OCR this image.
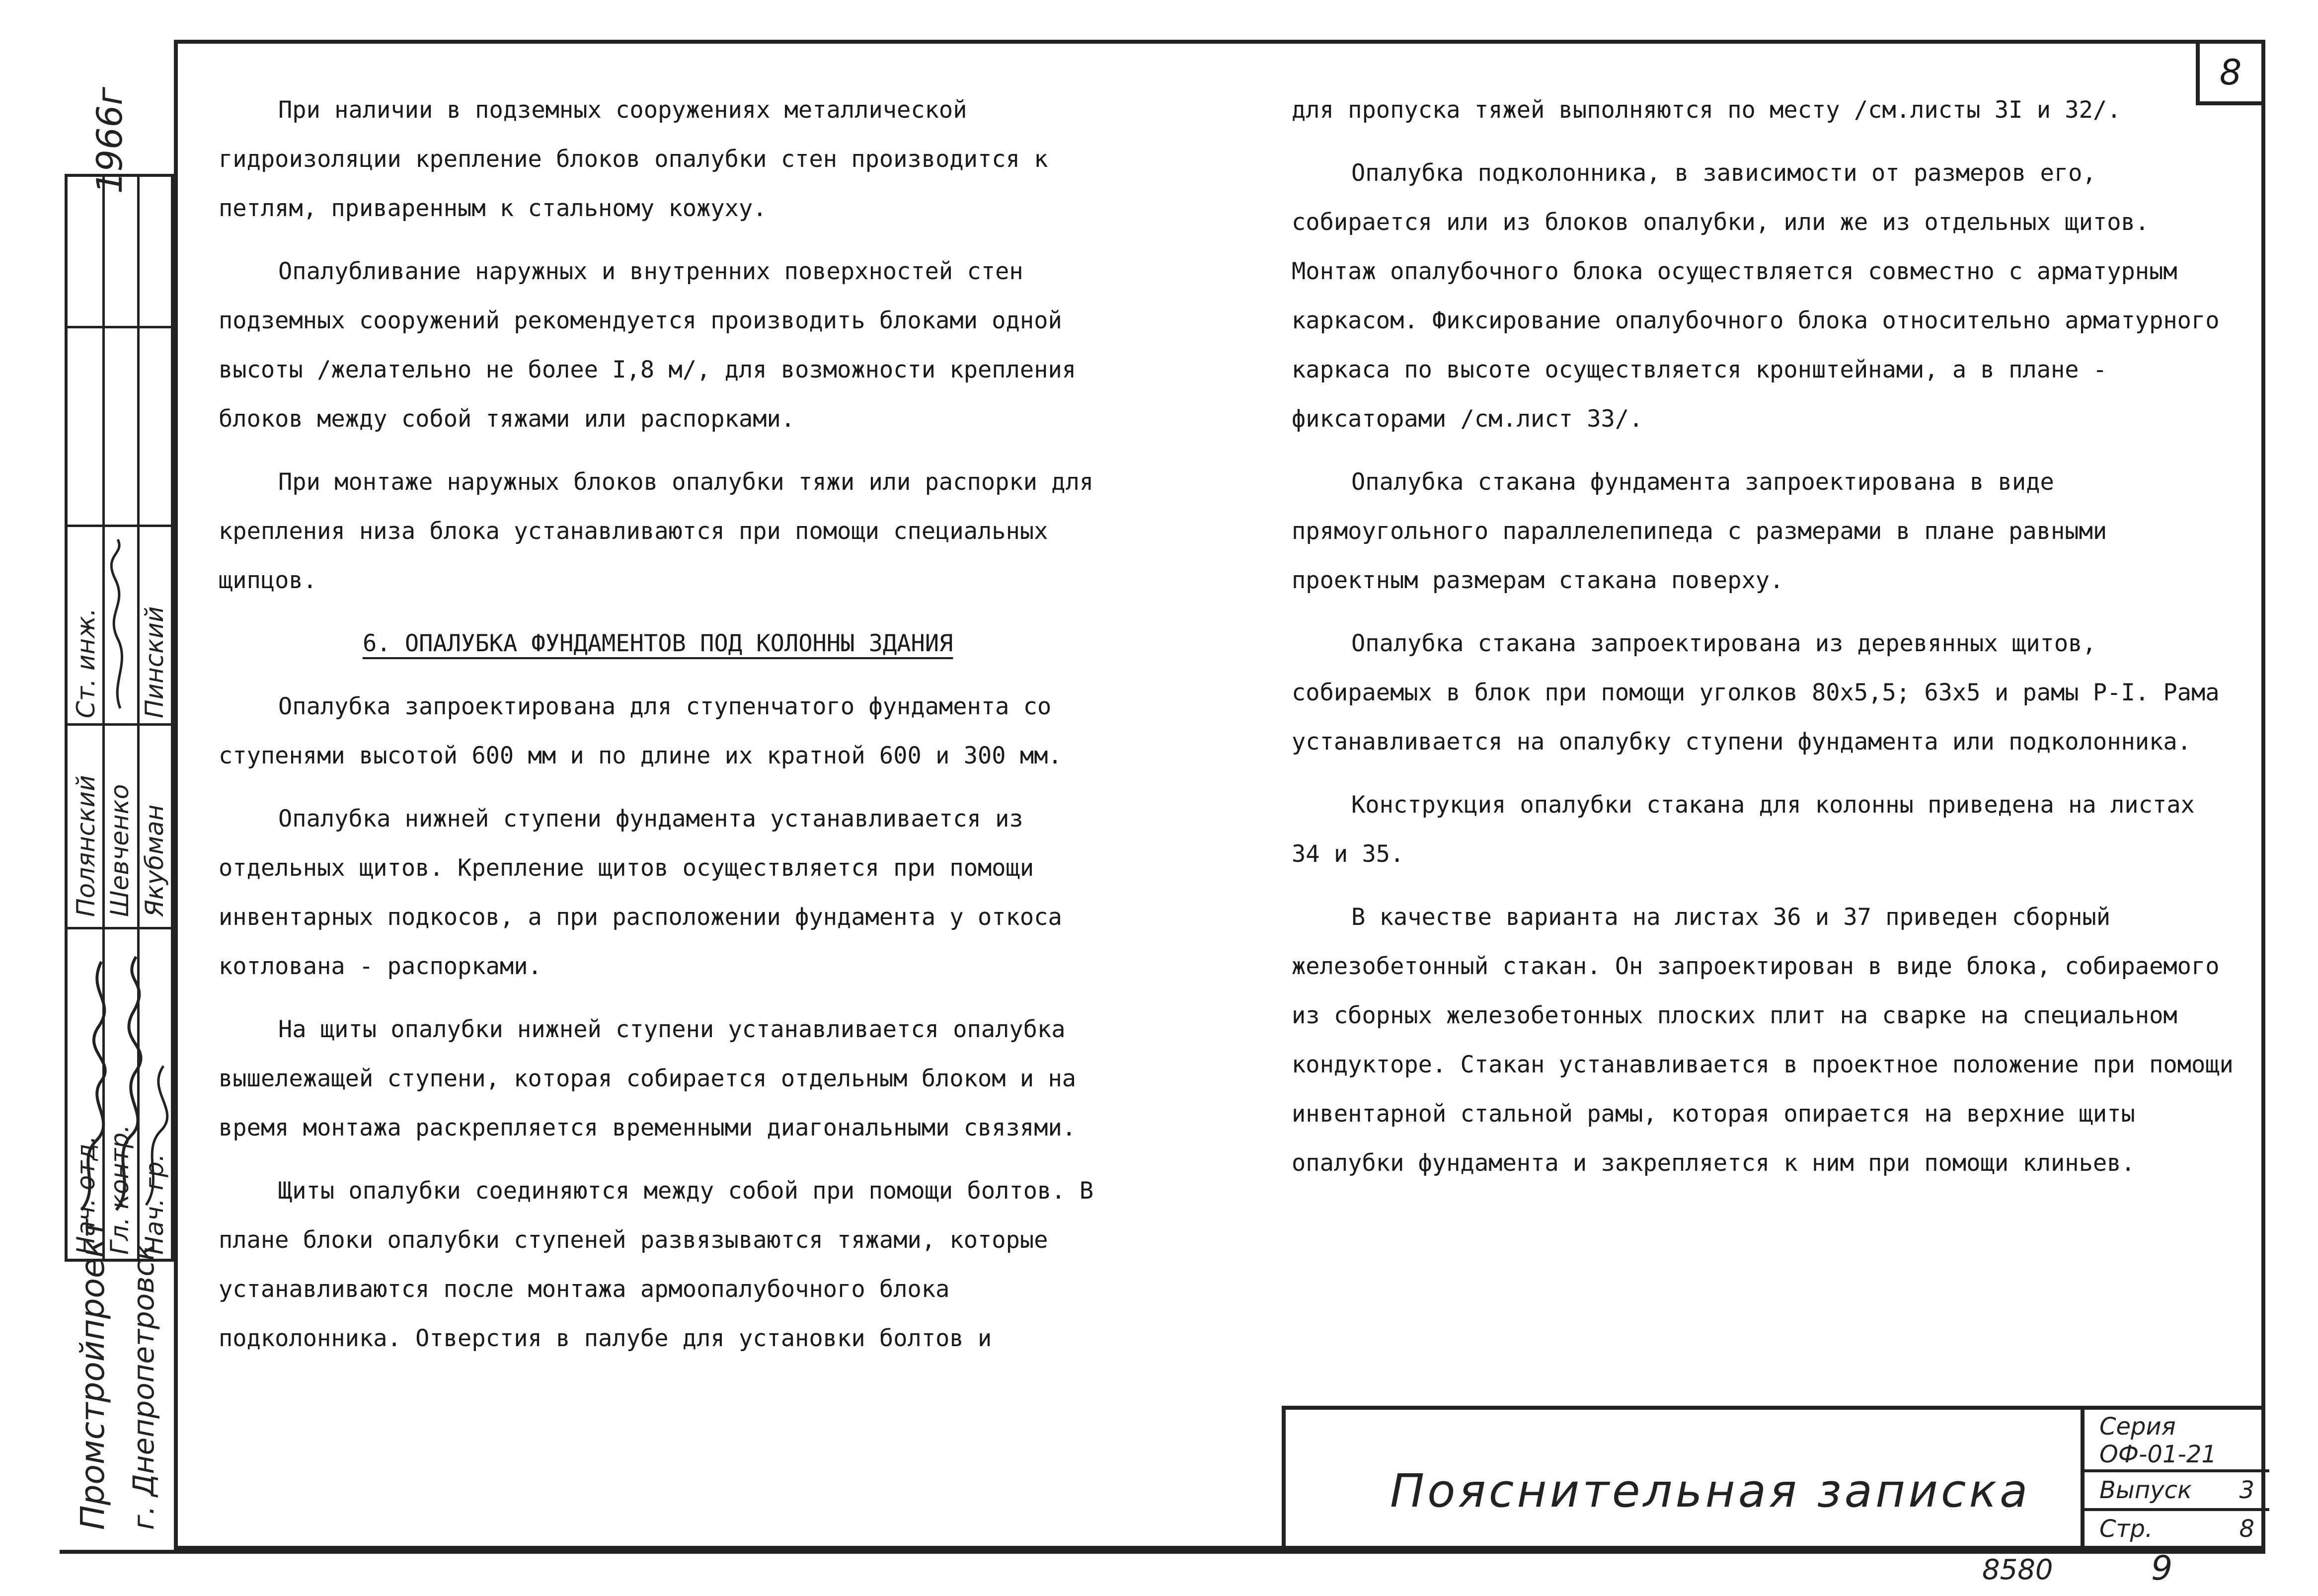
1966г
Промстройпроект г. Днепропетровск
Нач. отд. Гл. контр. Нач. гр.
Ст. инж.
Полянский Шевченко Якубман
Пинский
8

При наличии в подземных сооружениях металлической гидроизоляции крепление блоков опалубки стен производится к петлям, приваренным к стальному кожуху.

Опалубливание наружных и внутренних поверхностей стен подземных сооружений рекомендуется производить блоками одной высоты /желательно не более I,8 м/, для возможности крепления блоков между собой тяжами или распорками.

При монтаже наружных блоков опалубки тяжи или распорки для крепления низа блока устанавливаются при помощи специальных щипцов.

6. ОПАЛУБКА ФУНДАМЕНТОВ ПОД КОЛОННЫ ЗДАНИЯ

Опалубка запроектирована для ступенчатого фундамента со ступенями высотой 600 мм и по длине их кратной 600 и 300 мм.

Опалубка нижней ступени фундамента устанавливается из отдельных щитов. Крепление щитов осуществляется при помощи инвентарных подкосов, а при расположении фундамента у откоса котлована - распорками.

На щиты опалубки нижней ступени устанавливается опалубка вышележащей ступени, которая собирается отдельным блоком и на время монтажа раскрепляется временными диагональными связями.

Щиты опалубки соединяются между собой при помощи болтов. В плане блоки опалубки ступеней развязываются тяжами, которые устанавливаются после монтажа армоопалубочного блока подколонника. Отверстия в палубе для установки болтов и

для пропуска тяжей выполняются по месту /см.листы 3I и 32/.

Опалубка подколонника, в зависимости от размеров его, собирается или из блоков опалубки, или же из отдельных щитов. Монтаж опалубочного блока осуществляется совместно с арматурным каркасом. Фиксирование опалубочного блока относительно арматурного каркаса по высоте осуществляется кронштейнами, а в плане - фиксаторами /см.лист 33/.

Опалубка стакана фундамента запроектирована в виде прямоугольного параллелепипеда с размерами в плане равными проектным размерам стакана поверху.

Опалубка стакана запроектирована из деревянных щитов, собираемых в блок при помощи уголков 80х5,5; 63х5 и рамы Р-I. Рама устанавливается на опалубку ступени фундамента или подколонника.

Конструкция опалубки стакана для колонны приведена на листах 34 и 35.

В качестве варианта на листах 36 и 37 приведен сборный железобетонный стакан. Он запроектирован в виде блока, собираемого из сборных железобетонных плоских плит на сварке на специальном кондукторе. Стакан устанавливается в проектное положение при помощи инвентарной стальной рамы, которая опирается на верхние щиты опалубки фундамента и закрепляется к ним при помощи клиньев.

Пояснительная записка
Серия
ОФ-01-21
Выпуск 3
Стр.	8
8580	9
